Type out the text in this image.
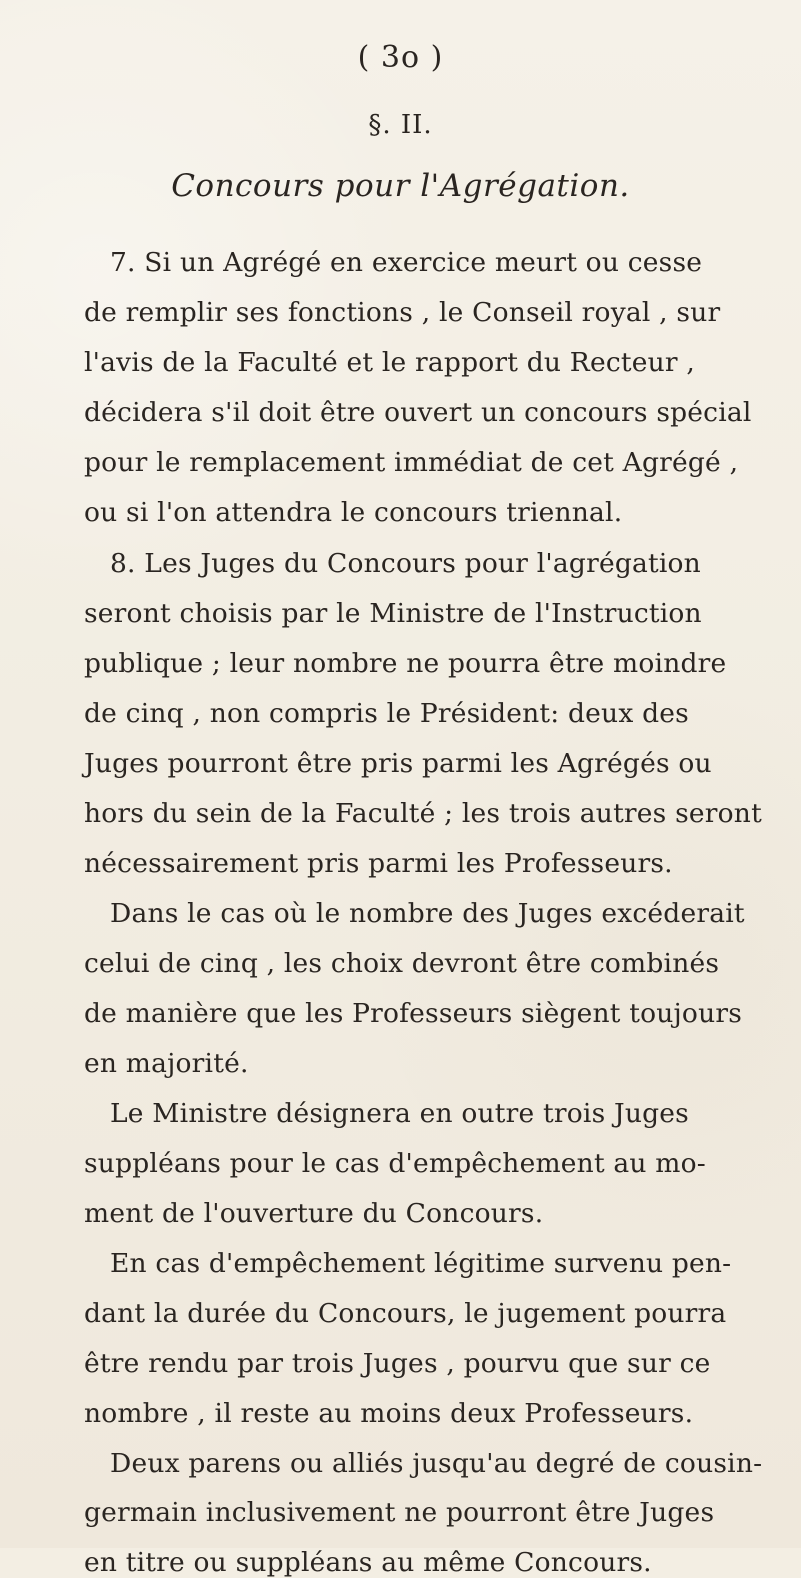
( 3o )
§. II.
Concours pour l'Agrégation.
7. Si un Agrégé en exercice meurt ou cesse
de remplir ses fonctions , le Conseil royal , sur
l'avis de la Faculté et le rapport du Recteur ,
décidera s'il doit être ouvert un concours spécial
pour le remplacement immédiat de cet Agrégé ,
ou si l'on attendra le concours triennal.
8. Les Juges du Concours pour l'agrégation
seront choisis par le Ministre de l'Instruction
publique ; leur nombre ne pourra être moindre
de cinq , non compris le Président: deux des
Juges pourront être pris parmi les Agrégés ou
hors du sein de la Faculté ; les trois autres seront
nécessairement pris parmi les Professeurs.
Dans le cas où le nombre des Juges excéderait
celui de cinq , les choix devront être combinés
de manière que les Professeurs siègent toujours
en majorité.
Le Ministre désignera en outre trois Juges
suppléans pour le cas d'empêchement au mo-
ment de l'ouverture du Concours.
En cas d'empêchement légitime survenu pen-
dant la durée du Concours, le jugement pourra
être rendu par trois Juges , pourvu que sur ce
nombre , il reste au moins deux Professeurs.
Deux parens ou alliés jusqu'au degré de cousin-
germain inclusivement ne pourront être Juges
en titre ou suppléans au même Concours.
